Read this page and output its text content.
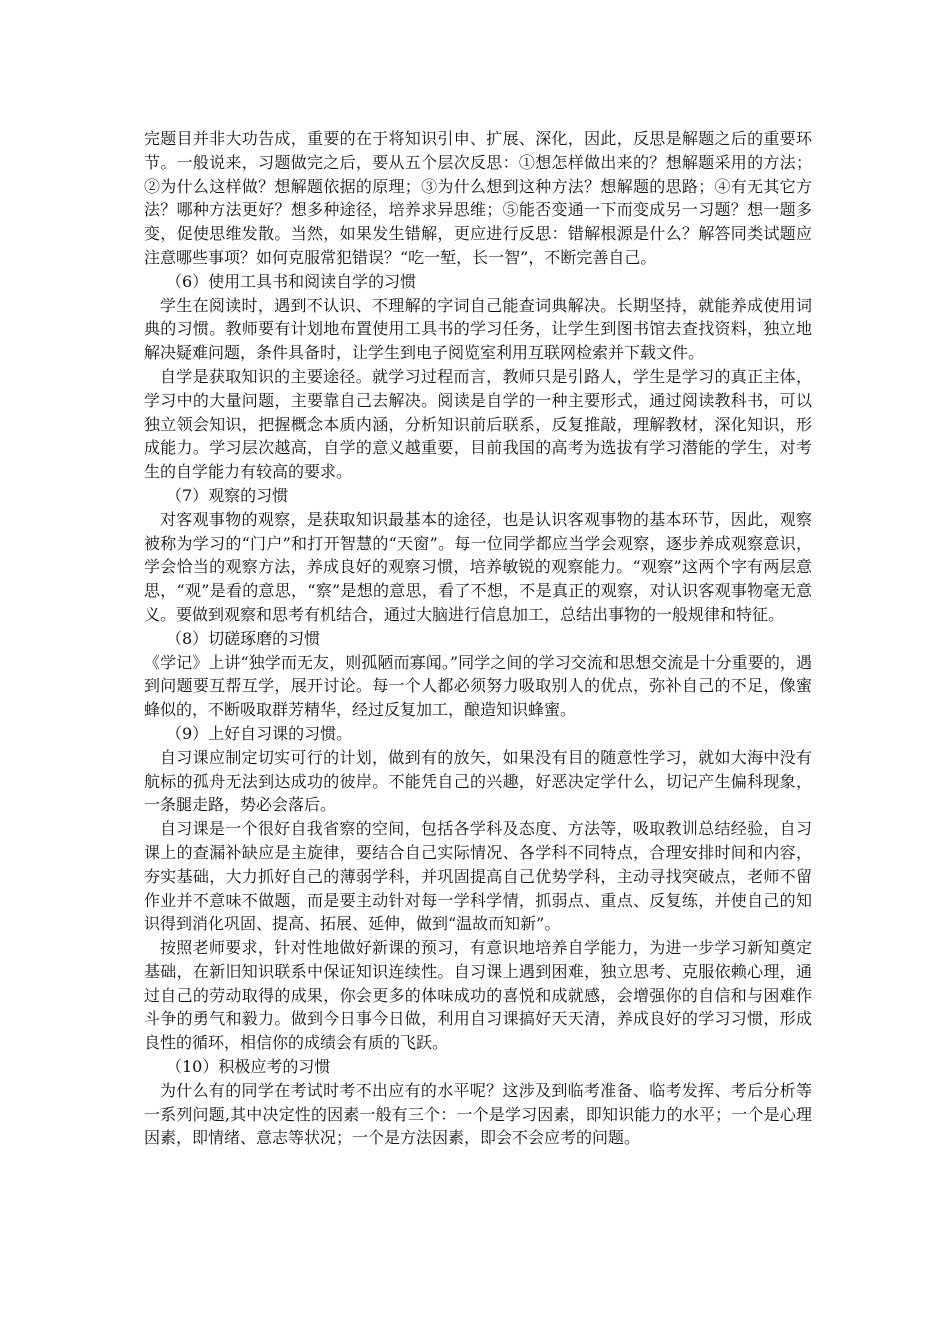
完题目并非大功告成，重要的在于将知识引申、扩展、深化，因此，反思是解题之后的重要环节。一般说来，习题做完之后，要从五个层次反思：①想怎样做出来的？想解题采用的方法；②为什么这样做？想解题依据的原理；③为什么想到这种方法？想解题的思路；④有无其它方法？哪种方法更好？想多种途径，培养求异思维；⑤能否变通一下而变成另一习题？想一题多变，促使思维发散。当然，如果发生错解，更应进行反思：错解根源是什么？解答同类试题应注意哪些事项？如何克服常犯错误？“吃一堑，长一智”，不断完善自己。

（6）使用工具书和阅读自学的习惯

学生在阅读时，遇到不认识、不理解的字词自己能查词典解决。长期坚持，就能养成使用词典的习惯。教师要有计划地布置使用工具书的学习任务，让学生到图书馆去查找资料，独立地解决疑难问题，条件具备时，让学生到电子阅览室利用互联网检索并下载文件。

自学是获取知识的主要途径。就学习过程而言，教师只是引路人，学生是学习的真正主体，学习中的大量问题，主要靠自己去解决。阅读是自学的一种主要形式，通过阅读教科书，可以独立领会知识，把握概念本质内涵，分析知识前后联系，反复推敲，理解教材，深化知识，形成能力。学习层次越高，自学的意义越重要，目前我国的高考为选拔有学习潜能的学生，对考生的自学能力有较高的要求。

（7）观察的习惯

对客观事物的观察，是获取知识最基本的途径，也是认识客观事物的基本环节，因此，观察被称为学习的“门户”和打开智慧的“天窗”。每一位同学都应当学会观察，逐步养成观察意识，学会恰当的观察方法，养成良好的观察习惯，培养敏锐的观察能力。“观察”这两个字有两层意思，“观”是看的意思，“察”是想的意思，看了不想，不是真正的观察，对认识客观事物毫无意义。要做到观察和思考有机结合，通过大脑进行信息加工，总结出事物的一般规律和特征。

（8）切磋琢磨的习惯

《学记》上讲“独学而无友，则孤陋而寡闻。”同学之间的学习交流和思想交流是十分重要的，遇到问题要互帮互学，展开讨论。每一个人都必须努力吸取别人的优点，弥补自己的不足，像蜜蜂似的，不断吸取群芳精华，经过反复加工，酿造知识蜂蜜。

（9）上好自习课的习惯。

自习课应制定切实可行的计划，做到有的放矢，如果没有目的随意性学习，就如大海中没有航标的孤舟无法到达成功的彼岸。不能凭自己的兴趣，好恶决定学什么，切记产生偏科现象，一条腿走路，势必会落后。

自习课是一个很好自我省察的空间，包括各学科及态度、方法等，吸取教训总结经验，自习课上的查漏补缺应是主旋律，要结合自己实际情况、各学科不同特点，合理安排时间和内容，夯实基础，大力抓好自己的薄弱学科，并巩固提高自己优势学科，主动寻找突破点，老师不留作业并不意味不做题，而是要主动针对每一学科学情，抓弱点、重点、反复练，并使自己的知识得到消化巩固、提高、拓展、延伸，做到“温故而知新”。

按照老师要求，针对性地做好新课的预习，有意识地培养自学能力，为进一步学习新知奠定基础，在新旧知识联系中保证知识连续性。自习课上遇到困难，独立思考、克服依赖心理，通过自己的劳动取得的成果，你会更多的体味成功的喜悦和成就感，会增强你的自信和与困难作斗争的勇气和毅力。做到今日事今日做，利用自习课搞好天天清，养成良好的学习习惯，形成良性的循环，相信你的成绩会有质的飞跃。

（10）积极应考的习惯

为什么有的同学在考试时考不出应有的水平呢？这涉及到临考准备、临考发挥、考后分析等一系列问题,其中决定性的因素一般有三个：一个是学习因素，即知识能力的水平；一个是心理因素，即情绪、意志等状况；一个是方法因素，即会不会应考的问题。
